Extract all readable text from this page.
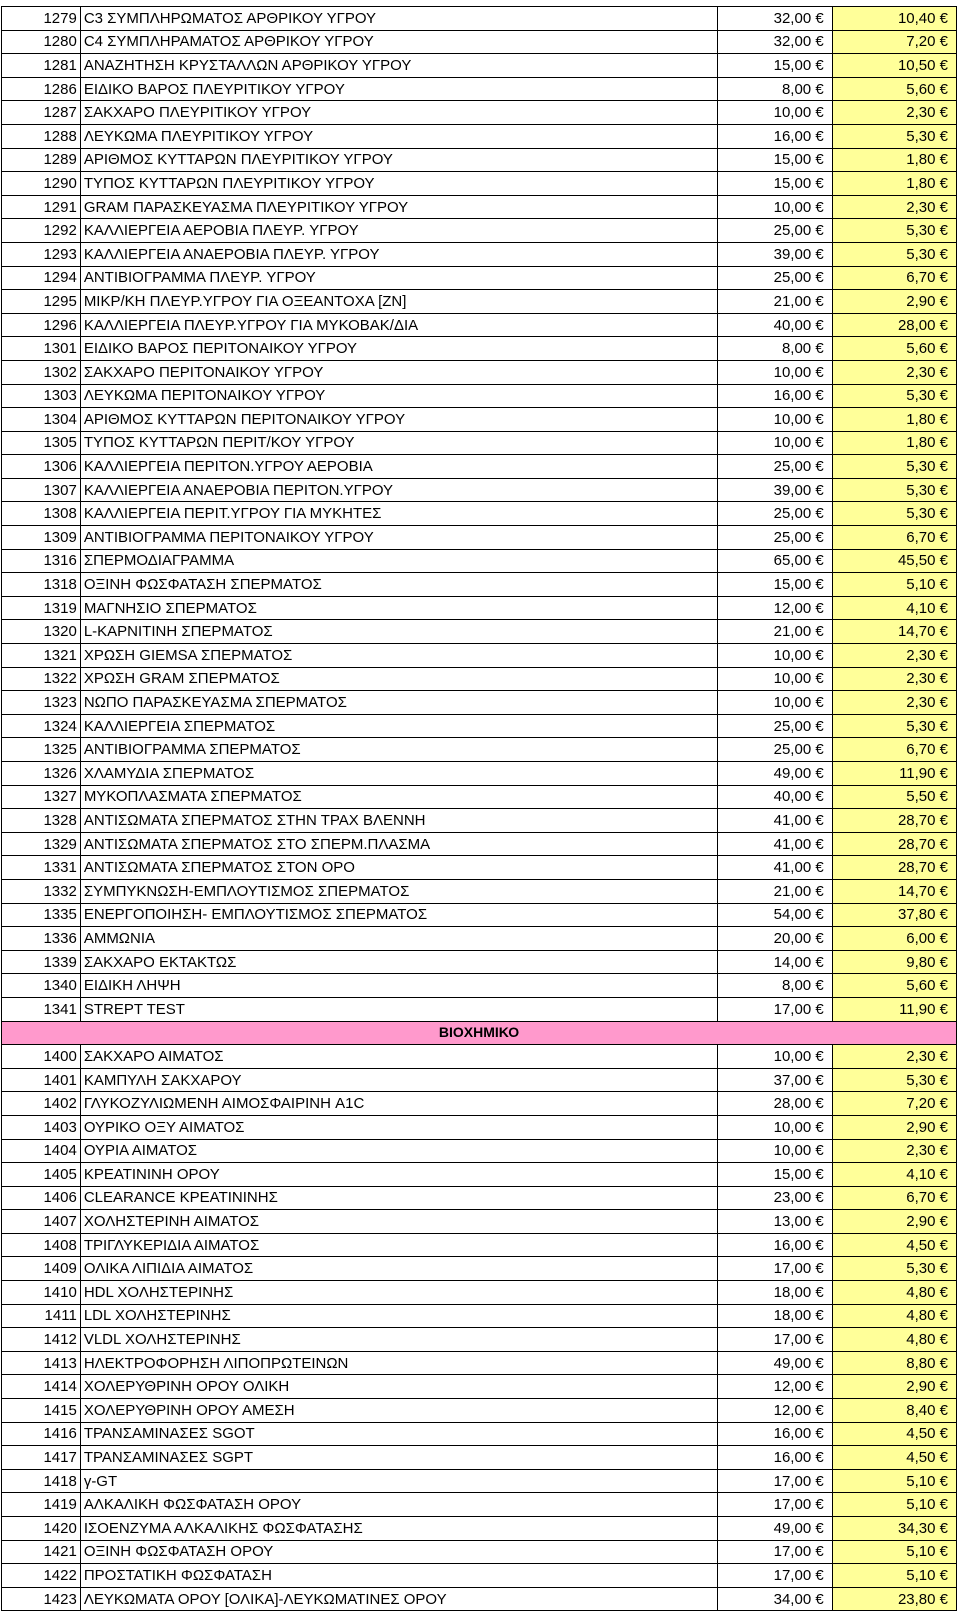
1279	C3 ΣΥΜΠΛΗΡΩΜΑΤΟΣ ΑΡΘΡΙΚΟΥ ΥΓΡΟΥ	32,00 €	10,40 €
1280	C4 ΣΥΜΠΛΗΡΑΜΑΤΟΣ ΑΡΘΡΙΚΟΥ ΥΓΡΟΥ	32,00 €	7,20 €
1281	ΑΝΑΖΗΤΗΣΗ ΚΡΥΣΤΑΛΛΩΝ ΑΡΘΡΙΚΟΥ ΥΓΡΟΥ	15,00 €	10,50 €
1286	ΕΙΔΙΚΟ ΒΑΡΟΣ ΠΛΕΥΡΙΤΙΚΟΥ ΥΓΡΟΥ	8,00 €	5,60 €
1287	ΣΑΚΧΑΡΟ ΠΛΕΥΡΙΤΙΚΟΥ ΥΓΡΟΥ	10,00 €	2,30 €
1288	ΛΕΥΚΩΜΑ ΠΛΕΥΡΙΤΙΚΟΥ ΥΓΡΟΥ	16,00 €	5,30 €
1289	ΑΡΙΘΜΟΣ ΚΥΤΤΑΡΩΝ ΠΛΕΥΡΙΤΙΚΟΥ ΥΓΡΟΥ	15,00 €	1,80 €
1290	ΤΥΠΟΣ ΚΥΤΤΑΡΩΝ ΠΛΕΥΡΙΤΙΚΟΥ ΥΓΡΟΥ	15,00 €	1,80 €
1291	GRAM ΠΑΡΑΣΚΕΥΑΣΜΑ ΠΛΕΥΡΙΤΙΚΟΥ ΥΓΡΟΥ	10,00 €	2,30 €
1292	ΚΑΛΛΙΕΡΓΕΙΑ ΑΕΡΟΒΙΑ ΠΛΕΥΡ. ΥΓΡΟΥ	25,00 €	5,30 €
1293	ΚΑΛΛΙΕΡΓΕΙΑ ΑΝΑΕΡΟΒΙΑ ΠΛΕΥΡ. ΥΓΡΟΥ	39,00 €	5,30 €
1294	ΑΝΤΙΒΙΟΓΡΑΜΜΑ ΠΛΕΥΡ. ΥΓΡΟΥ	25,00 €	6,70 €
1295	ΜΙΚΡ/ΚΗ ΠΛΕΥΡ.ΥΓΡΟΥ ΓΙΑ ΟΞΕΑΝΤΟΧΑ [ΖΝ]	21,00 €	2,90 €
1296	ΚΑΛΛΙΕΡΓΕΙΑ ΠΛΕΥΡ.ΥΓΡΟΥ ΓΙΑ ΜΥΚΟΒΑΚ/ΔΙΑ	40,00 €	28,00 €
1301	ΕΙΔΙΚΟ ΒΑΡΟΣ ΠΕΡΙΤΟΝΑΙΚΟΥ ΥΓΡΟΥ	8,00 €	5,60 €
1302	ΣΑΚΧΑΡΟ ΠΕΡΙΤΟΝΑΙΚΟΥ ΥΓΡΟΥ	10,00 €	2,30 €
1303	ΛΕΥΚΩΜΑ ΠΕΡΙΤΟΝΑΙΚΟΥ ΥΓΡΟΥ	16,00 €	5,30 €
1304	ΑΡΙΘΜΟΣ ΚΥΤΤΑΡΩΝ ΠΕΡΙΤΟΝΑΙΚΟΥ ΥΓΡΟΥ	10,00 €	1,80 €
1305	ΤΥΠΟΣ ΚΥΤΤΑΡΩΝ ΠΕΡΙΤ/ΚΟΥ ΥΓΡΟΥ	10,00 €	1,80 €
1306	ΚΑΛΛΙΕΡΓΕΙΑ ΠΕΡΙΤΟΝ.ΥΓΡΟΥ ΑΕΡΟΒΙΑ	25,00 €	5,30 €
1307	ΚΑΛΛΙΕΡΓΕΙΑ ΑΝΑΕΡΟΒΙΑ ΠΕΡΙΤΟΝ.ΥΓΡΟΥ	39,00 €	5,30 €
1308	ΚΑΛΛΙΕΡΓΕΙΑ ΠΕΡΙΤ.ΥΓΡΟΥ ΓΙΑ ΜΥΚΗΤΕΣ	25,00 €	5,30 €
1309	ΑΝΤΙΒΙΟΓΡΑΜΜΑ ΠΕΡΙΤΟΝΑΙΚΟΥ ΥΓΡΟΥ	25,00 €	6,70 €
1316	ΣΠΕΡΜΟΔΙΑΓΡΑΜΜΑ	65,00 €	45,50 €
1318	ΟΞΙΝΗ ΦΩΣΦΑΤΑΣΗ ΣΠΕΡΜΑΤΟΣ	15,00 €	5,10 €
1319	ΜΑΓΝΗΣΙΟ ΣΠΕΡΜΑΤΟΣ	12,00 €	4,10 €
1320	L-ΚΑΡΝΙΤΙΝΗ ΣΠΕΡΜΑΤΟΣ	21,00 €	14,70 €
1321	ΧΡΩΣΗ GIEMSA ΣΠΕΡΜΑΤΟΣ	10,00 €	2,30 €
1322	ΧΡΩΣΗ GRAM ΣΠΕΡΜΑΤΟΣ	10,00 €	2,30 €
1323	ΝΩΠΟ ΠΑΡΑΣΚΕΥΑΣΜΑ ΣΠΕΡΜΑΤΟΣ	10,00 €	2,30 €
1324	ΚΑΛΛΙΕΡΓΕΙΑ ΣΠΕΡΜΑΤΟΣ	25,00 €	5,30 €
1325	ΑΝΤΙΒΙΟΓΡΑΜΜΑ ΣΠΕΡΜΑΤΟΣ	25,00 €	6,70 €
1326	ΧΛΑΜΥΔΙΑ ΣΠΕΡΜΑΤΟΣ	49,00 €	11,90 €
1327	ΜΥΚΟΠΛΑΣΜΑΤΑ ΣΠΕΡΜΑΤΟΣ	40,00 €	5,50 €
1328	ΑΝΤΙΣΩΜΑΤΑ ΣΠΕΡΜΑΤΟΣ ΣΤΗΝ ΤΡΑΧ ΒΛΕΝΝΗ	41,00 €	28,70 €
1329	ΑΝΤΙΣΩΜΑΤΑ ΣΠΕΡΜΑΤΟΣ ΣΤΟ ΣΠΕΡΜ.ΠΛΑΣΜΑ	41,00 €	28,70 €
1331	ΑΝΤΙΣΩΜΑΤΑ ΣΠΕΡΜΑΤΟΣ ΣΤΟΝ ΟΡΟ	41,00 €	28,70 €
1332	ΣΥΜΠΥΚΝΩΣΗ-ΕΜΠΛΟΥΤΙΣΜΟΣ ΣΠΕΡΜΑΤΟΣ	21,00 €	14,70 €
1335	ΕΝΕΡΓΟΠΟΙΗΣΗ- ΕΜΠΛΟΥΤΙΣΜΟΣ ΣΠΕΡΜΑΤΟΣ	54,00 €	37,80 €
1336	ΑΜΜΩΝΙΑ	20,00 €	6,00 €
1339	ΣΑΚΧΑΡΟ ΕΚΤΑΚΤΩΣ	14,00 €	9,80 €
1340	ΕΙΔΙΚΗ ΛΗΨΗ	8,00 €	5,60 €
1341	STREPT TEST	17,00 €	11,90 €
ΒΙΟΧΗΜΙΚΟ			
1400	ΣΑΚΧΑΡΟ ΑΙΜΑΤΟΣ	10,00 €	2,30 €
1401	ΚΑΜΠΥΛΗ ΣΑΚΧΑΡΟΥ	37,00 €	5,30 €
1402	ΓΛΥΚΟΖΥΛΙΩΜΕΝΗ ΑΙΜΟΣΦΑΙΡΙΝΗ A1C	28,00 €	7,20 €
1403	ΟΥΡΙΚΟ ΟΞΥ ΑΙΜΑΤΟΣ	10,00 €	2,90 €
1404	ΟΥΡΙΑ ΑΙΜΑΤΟΣ	10,00 €	2,30 €
1405	ΚΡΕΑΤΙΝΙΝΗ ΟΡΟΥ	15,00 €	4,10 €
1406	CLEARANCE ΚΡΕΑΤΙΝΙΝΗΣ	23,00 €	6,70 €
1407	ΧΟΛΗΣΤΕΡΙΝΗ ΑΙΜΑΤΟΣ	13,00 €	2,90 €
1408	ΤΡΙΓΛΥΚΕΡΙΔΙΑ ΑΙΜΑΤΟΣ	16,00 €	4,50 €
1409	ΟΛΙΚΑ ΛΙΠΙΔΙΑ ΑΙΜΑΤΟΣ	17,00 €	5,30 €
1410	HDL ΧΟΛΗΣΤΕΡΙΝΗΣ	18,00 €	4,80 €
1411	LDL ΧΟΛΗΣΤΕΡΙΝΗΣ	18,00 €	4,80 €
1412	VLDL ΧΟΛΗΣΤΕΡΙΝΗΣ	17,00 €	4,80 €
1413	ΗΛΕΚΤΡΟΦΟΡΗΣΗ ΛΙΠΟΠΡΩΤΕΙΝΩΝ	49,00 €	8,80 €
1414	ΧΟΛΕΡΥΘΡΙΝΗ ΟΡΟΥ ΟΛΙΚΗ	12,00 €	2,90 €
1415	ΧΟΛΕΡΥΘΡΙΝΗ ΟΡΟΥ ΑΜΕΣΗ	12,00 €	8,40 €
1416	ΤΡΑΝΣΑΜΙΝΑΣΕΣ SGOT	16,00 €	4,50 €
1417	ΤΡΑΝΣΑΜΙΝΑΣΕΣ SGPT	16,00 €	4,50 €
1418	γ-GT	17,00 €	5,10 €
1419	ΑΛΚΑΛΙΚΗ ΦΩΣΦΑΤΑΣΗ ΟΡΟΥ	17,00 €	5,10 €
1420	ΙΣΟΕΝΖΥΜΑ ΑΛΚΑΛΙΚΗΣ ΦΩΣΦΑΤΑΣΗΣ	49,00 €	34,30 €
1421	ΟΞΙΝΗ ΦΩΣΦΑΤΑΣΗ ΟΡΟΥ	17,00 €	5,10 €
1422	ΠΡΟΣΤΑΤΙΚΗ ΦΩΣΦΑΤΑΣΗ	17,00 €	5,10 €
1423	ΛΕΥΚΩΜΑΤΑ ΟΡΟΥ [ΟΛΙΚΑ]-ΛΕΥΚΩΜΑΤΙΝΕΣ ΟΡΟΥ	34,00 €	23,80 €
